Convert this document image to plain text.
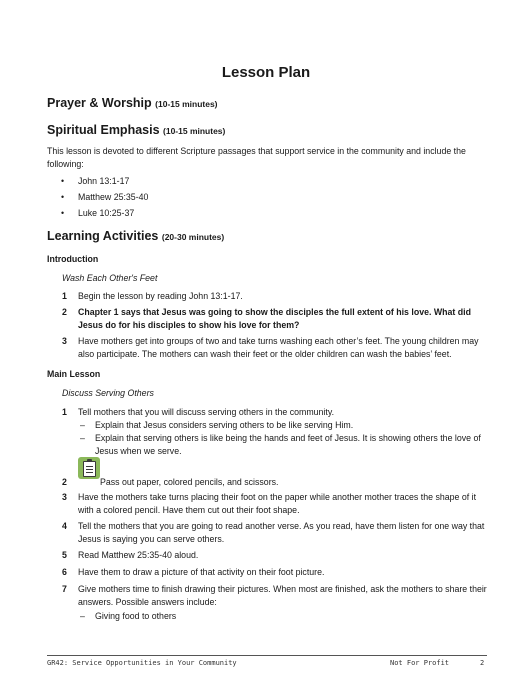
Lesson Plan
Prayer & Worship (10-15 minutes)
Spiritual Emphasis (10-15 minutes)
This lesson is devoted to different Scripture passages that support service in the community and include the
following:
• John 13:1-17
• Matthew 25:35-40
• Luke 10:25-37
Learning Activities (20-30 minutes)
Introduction
Wash Each Other's Feet
1 Begin the lesson by reading John 13:1-17.
2 Chapter 1 says that Jesus was going to show the disciples the full extent of his love. What did Jesus do for his disciples to show his love for them?
3 Have mothers get into groups of two and take turns washing each other’s feet. The young children may also participate. The mothers can wash their feet or the older children can wash the babies’ feet.
Main Lesson
Discuss Serving Others
1 Tell mothers that you will discuss serving others in the community.
– Explain that Jesus considers serving others to be like serving Him.
– Explain that serving others is like being the hands and feet of Jesus. It is showing others the love of Jesus when we serve.
2	Pass out paper, colored pencils, and scissors.
3 Have the mothers take turns placing their foot on the paper while another mother traces the shape of it with a colored pencil. Have them cut out their foot shape.
4 Tell the mothers that you are going to read another verse. As you read, have them listen for one way that Jesus is saying you can serve others.
5 Read Matthew 25:35-40 aloud.
6 Have them to draw a picture of that activity on their foot picture.
7 Give mothers time to finish drawing their pictures. When most are finished, ask the mothers to share their answers. Possible answers include:
– Giving food to others
GR42: Service Opportunities in Your Community	Not For Profit	2
